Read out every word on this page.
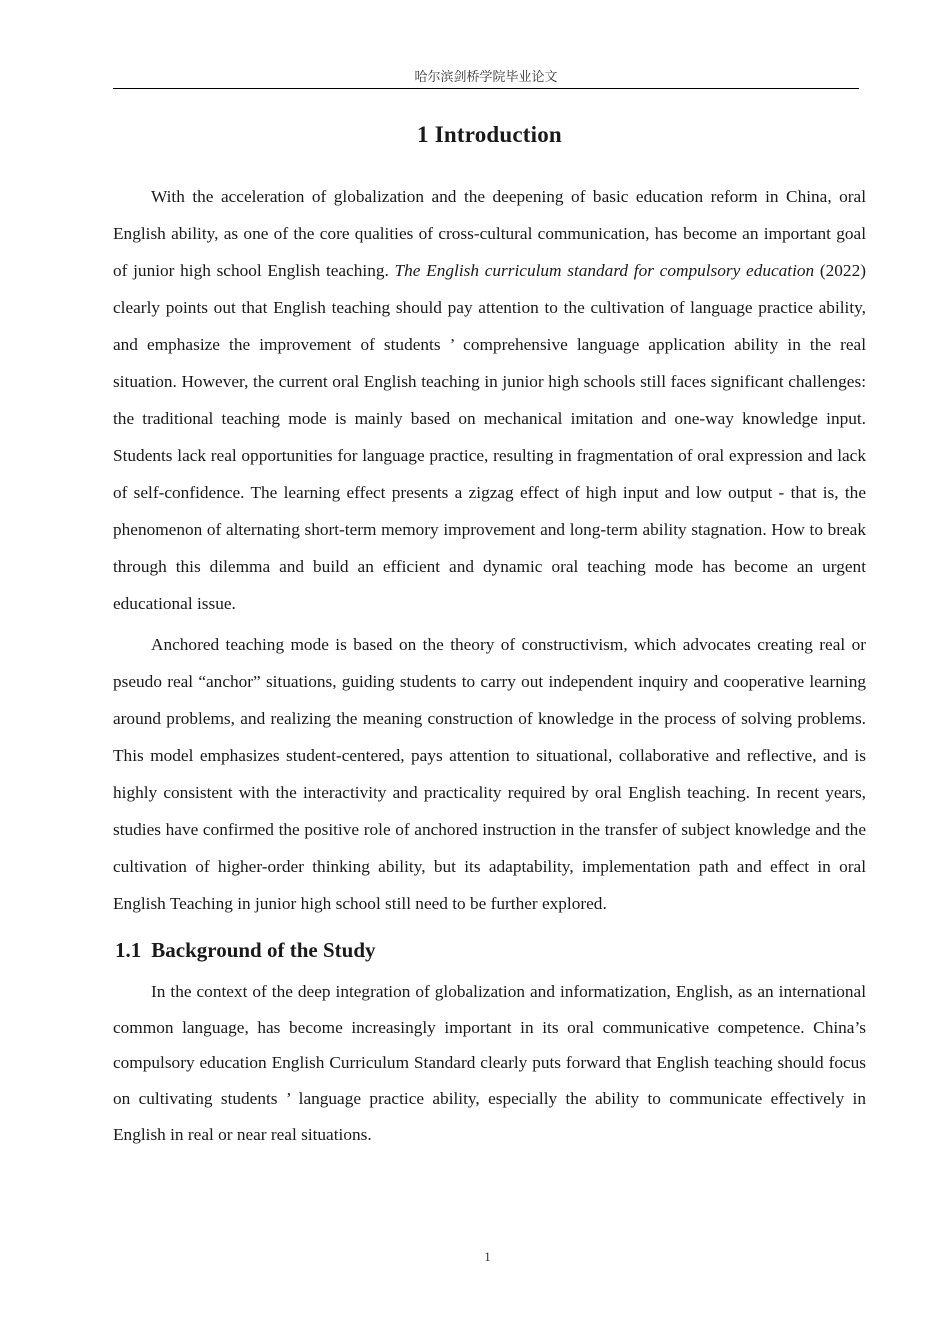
哈尔滨剑桥学院毕业论文
1 Introduction

With the acceleration of globalization and the deepening of basic education reform in China, oral English ability, as one of the core qualities of cross-cultural communication, has become an important goal of junior high school English teaching. The English curriculum standard for compulsory education (2022) clearly points out that English teaching should pay attention to the cultivation of language practice ability, and emphasize the improvement of students ’ comprehensive language application ability in the real situation. However, the current oral English teaching in junior high schools still faces significant challenges: the traditional teaching mode is mainly based on mechanical imitation and one-way knowledge input. Students lack real opportunities for language practice, resulting in fragmentation of oral expression and lack of self-confidence. The learning effect presents a zigzag effect of high input and low output - that is, the phenomenon of alternating short-term memory improvement and long-term ability stagnation. How to break through this dilemma and build an efficient and dynamic oral teaching mode has become an urgent educational issue.

Anchored teaching mode is based on the theory of constructivism, which advocates creating real or pseudo real “anchor” situations, guiding students to carry out independent inquiry and cooperative learning around problems, and realizing the meaning construction of knowledge in the process of solving problems. This model emphasizes student-centered, pays attention to situational, collaborative and reflective, and is highly consistent with the interactivity and practicality required by oral English teaching. In recent years, studies have confirmed the positive role of anchored instruction in the transfer of subject knowledge and the cultivation of higher-order thinking ability, but its adaptability, implementation path and effect in oral English Teaching in junior high school still need to be further explored.

1.1 Background of the Study

In the context of the deep integration of globalization and informatization, English, as an international common language, has become increasingly important in its oral communicative competence. China’s compulsory education English Curriculum Standard clearly puts forward that English teaching should focus on cultivating students ’ language practice ability, especially the ability to communicate effectively in English in real or near real situations.

1
